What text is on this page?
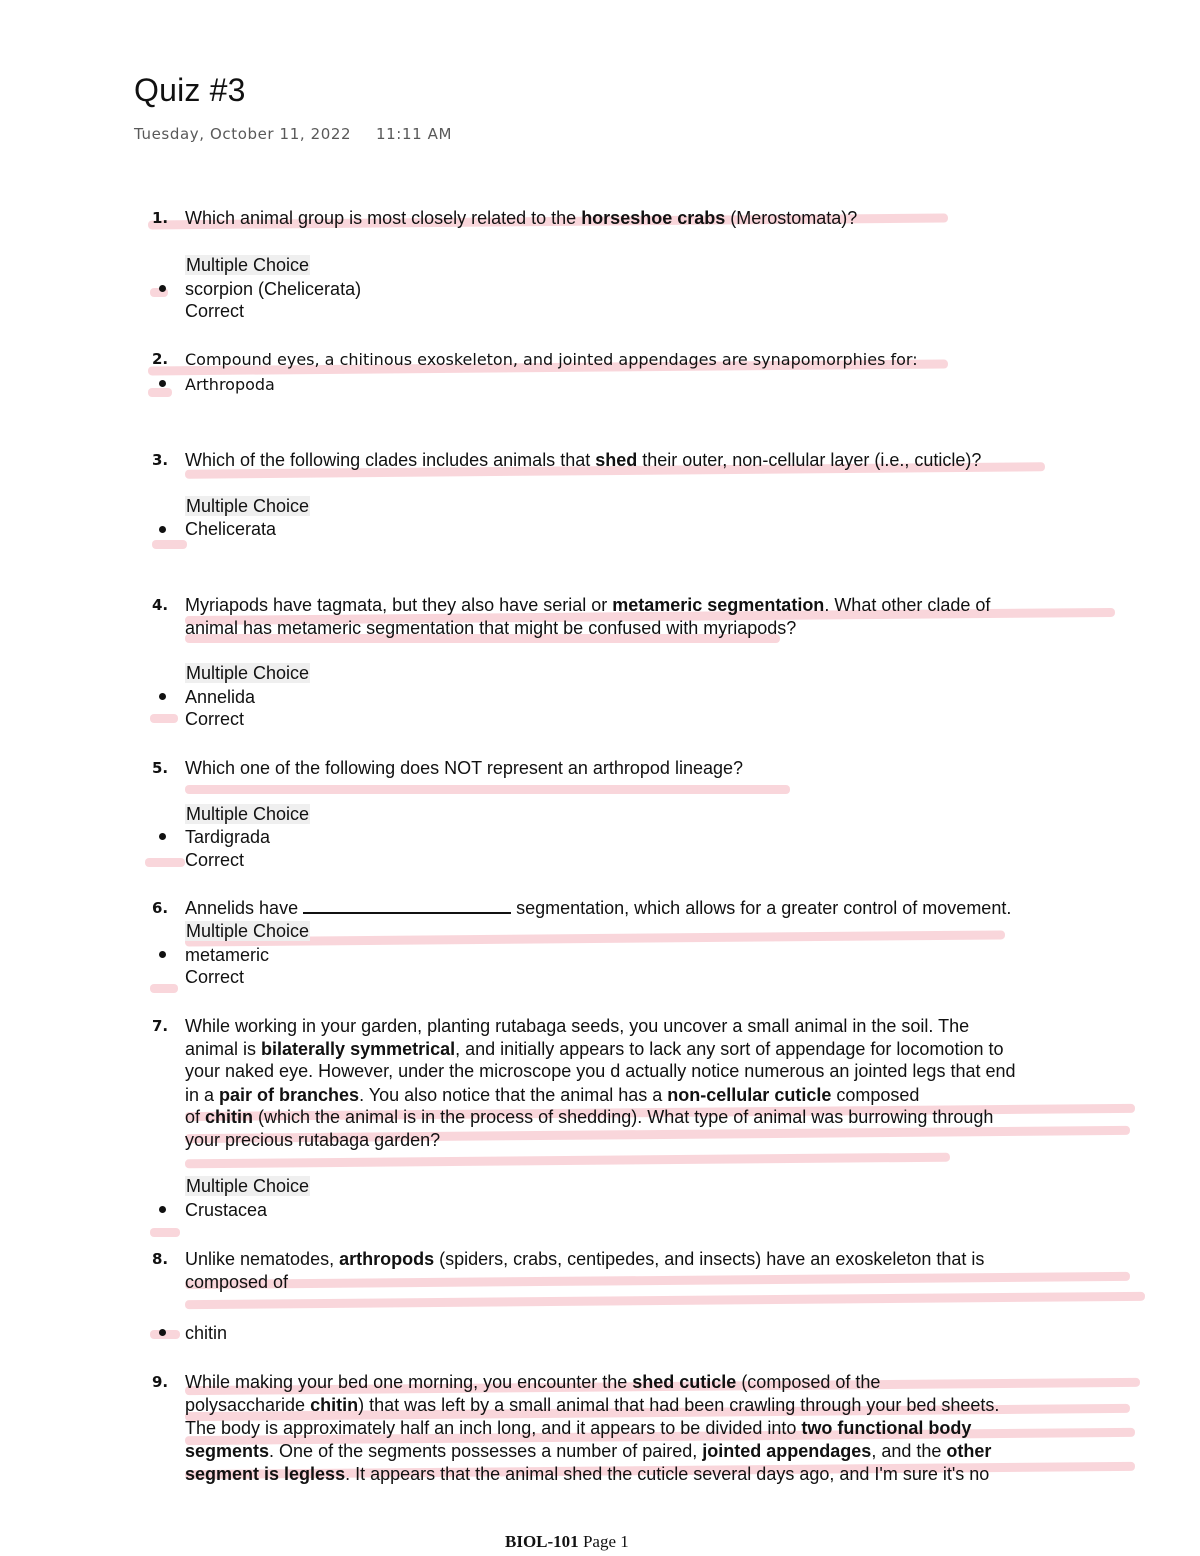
Quiz #3
Tuesday, October 11, 2022 11:11 AM
1. Which animal group is most closely related to the horseshoe crabs (Merostomata)?
Multiple Choice
scorpion (Chelicerata)
Correct
2. Compound eyes, a chitinous exoskeleton, and jointed appendages are synapomorphies for:
Arthropoda
3. Which of the following clades includes animals that shed their outer, non-cellular layer (i.e., cuticle)?
Multiple Choice
Chelicerata
4. Myriapods have tagmata, but they also have serial or metameric segmentation. What other clade of
animal has metameric segmentation that might be confused with myriapods?
Multiple Choice
Annelida
Correct
5. Which one of the following does NOT represent an arthropod lineage?
Multiple Choice
Tardigrada
Correct
6. Annelids have	segmentation, which allows for a greater control of movement.
Multiple Choice
metameric
Correct
7. While working in your garden, planting rutabaga seeds, you uncover a small animal in the soil. The
animal is bilaterally symmetrical, and initially appears to lack any sort of appendage for locomotion to
your naked eye. However, under the microscope you d actually notice numerous an jointed legs that end
in a pair of branches. You also notice that the animal has a non-cellular cuticle composed
of chitin (which the animal is in the process of shedding). What type of animal was burrowing through
your precious rutabaga garden?
Multiple Choice
Crustacea
8. Unlike nematodes, arthropods (spiders, crabs, centipedes, and insects) have an exoskeleton that is
composed of
chitin
9. While making your bed one morning, you encounter the shed cuticle (composed of the
polysaccharide chitin) that was left by a small animal that had been crawling through your bed sheets.
The body is approximately half an inch long, and it appears to be divided into two functional body
segments. One of the segments possesses a number of paired, jointed appendages, and the other
segment is legless. It appears that the animal shed the cuticle several days ago, and I'm sure it's no
BIOL-101 Page 1
